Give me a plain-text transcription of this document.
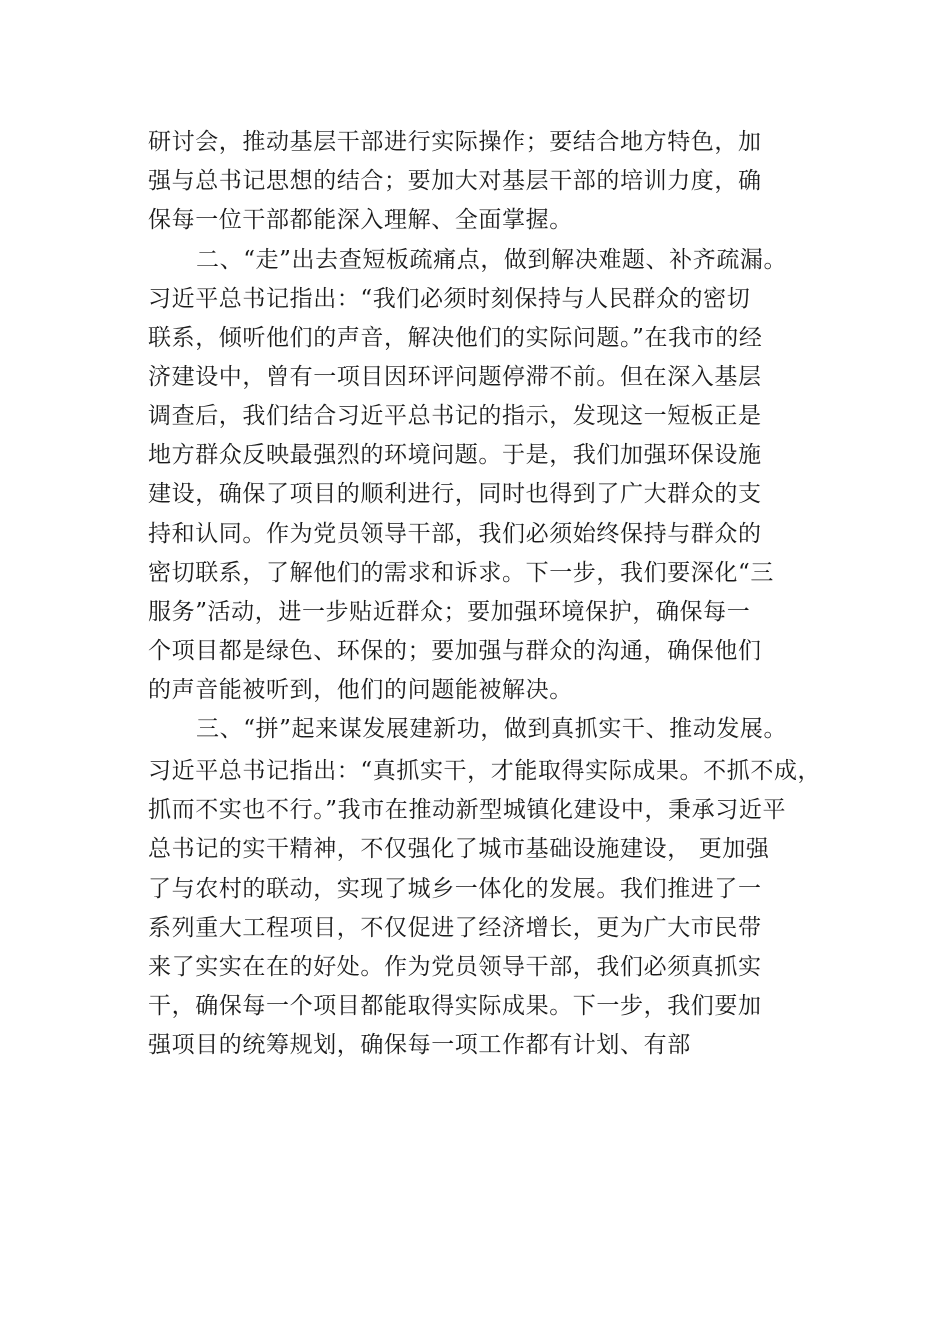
研讨会，推动基层干部进行实际操作；要结合地方特色，加

强与总书记思想的结合；要加大对基层干部的培训力度，确

保每一位干部都能深入理解、全面掌握。

二、“走”出去查短板疏痛点，做到解决难题、补齐疏漏。

习近平总书记指出：“我们必须时刻保持与人民群众的密切

联系，倾听他们的声音，解决他们的实际问题。”在我市的经

济建设中，曾有一项目因环评问题停滞不前。但在深入基层

调查后，我们结合习近平总书记的指示，发现这一短板正是

地方群众反映最强烈的环境问题。于是，我们加强环保设施

建设，确保了项目的顺利进行，同时也得到了广大群众的支

持和认同。作为党员领导干部，我们必须始终保持与群众的

密切联系，了解他们的需求和诉求。下一步，我们要深化“三

服务”活动，进一步贴近群众；要加强环境保护，确保每一

个项目都是绿色、环保的；要加强与群众的沟通，确保他们

的声音能被听到，他们的问题能被解决。

三、“拼”起来谋发展建新功，做到真抓实干、推动发展。

习近平总书记指出：“真抓实干，才能取得实际成果。不抓不成，

抓而不实也不行。”我市在推动新型城镇化建设中，秉承习近平

总书记的实干精神，不仅强化了城市基础设施建设， 更加强

了与农村的联动，实现了城乡一体化的发展。我们推进了一

系列重大工程项目，不仅促进了经济增长，更为广大市民带

来了实实在在的好处。作为党员领导干部，我们必须真抓实

干，确保每一个项目都能取得实际成果。下一步，我们要加

强项目的统筹规划，确保每一项工作都有计划、有部
